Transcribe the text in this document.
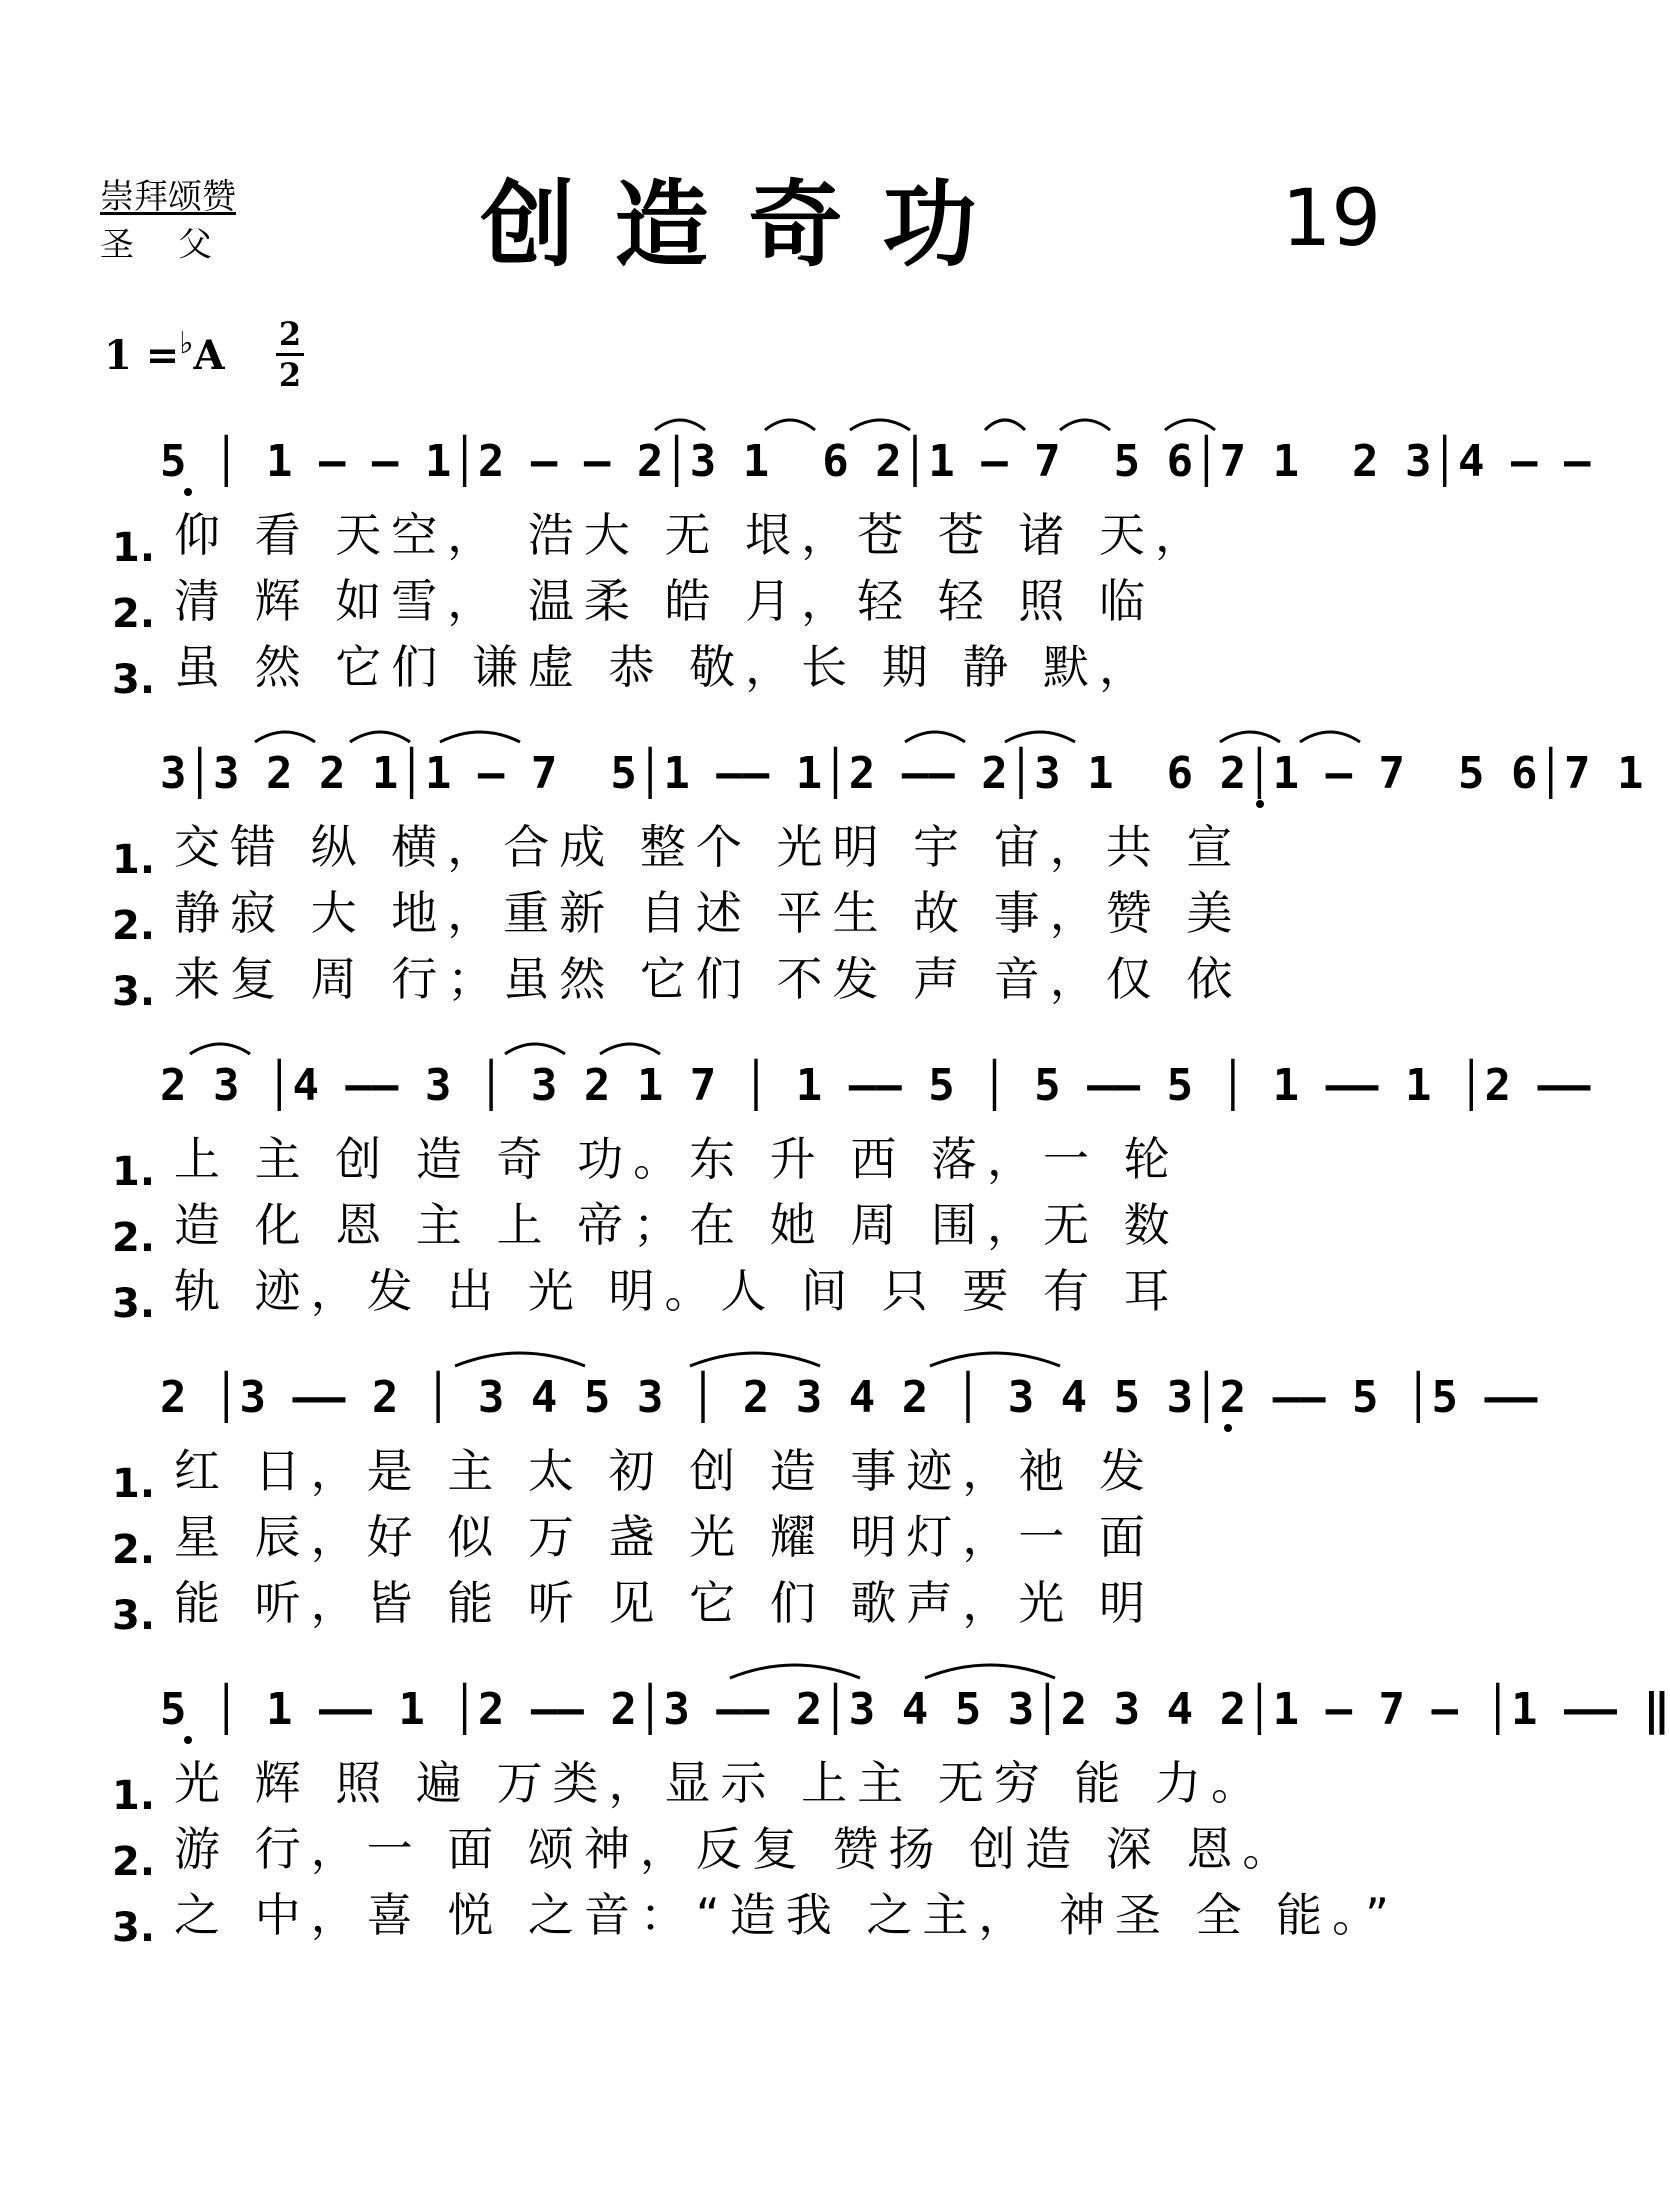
崇拜颂赞
圣父	创造奇功	19
1 =♭A 2
2
5 │ 1 – – 1│2 – – 2│3 1  6 2│1 – 7  5 6│7 1  2 3│4 – –
1. 仰 看 天空， 浩大 无 垠，苍 苍 诸 天，
2. 清 辉 如雪， 温柔 皓 月，轻 轻 照 临
3. 虽 然 它们 谦虚 恭 敬，长 期 静 默，
3│3 2 2 1│1 – 7  5│1 –– 1│2 –– 2│3 1  6 2│1 – 7  5 6│7 1
1. 交错 纵 横，合成 整个 光明 宇 宙，共 宣
2. 静寂 大 地，重新 自述 平生 故 事，赞 美
3. 来复 周 行；虽然 它们 不发 声 音，仅 依
2 3 │4 –– 3 │ 3 2 1 7 │ 1 –– 5 │ 5 –– 5 │ 1 –– 1 │2 ––
1. 上 主 创 造 奇 功。东 升 西 落，一 轮
2. 造 化 恩 主 上 帝；在 她 周 围，无 数
3. 轨 迹，发 出 光 明。人 间 只 要 有 耳
2 │3 –– 2 │ 3 4 5 3 │ 2 3 4 2 │ 3 4 5 3│2 –– 5 │5 ––
1. 红 日，是 主 太 初 创 造 事迹，祂 发
2. 星 辰，好 似 万 盏 光 耀 明灯，一 面
3. 能 听，皆 能 听 见 它 们 歌声，光 明
5 │ 1 –– 1 │2 –– 2│3 –– 2│3 4 5 3│2 3 4 2│1 – 7 – │1 –– ‖
1. 光 辉 照 遍 万类，显示 上主 无穷 能 力。
2. 游 行，一 面 颂神，反复 赞扬 创造 深 恩。
3. 之 中，喜 悦 之音：“造我 之主， 神圣 全 能。”
